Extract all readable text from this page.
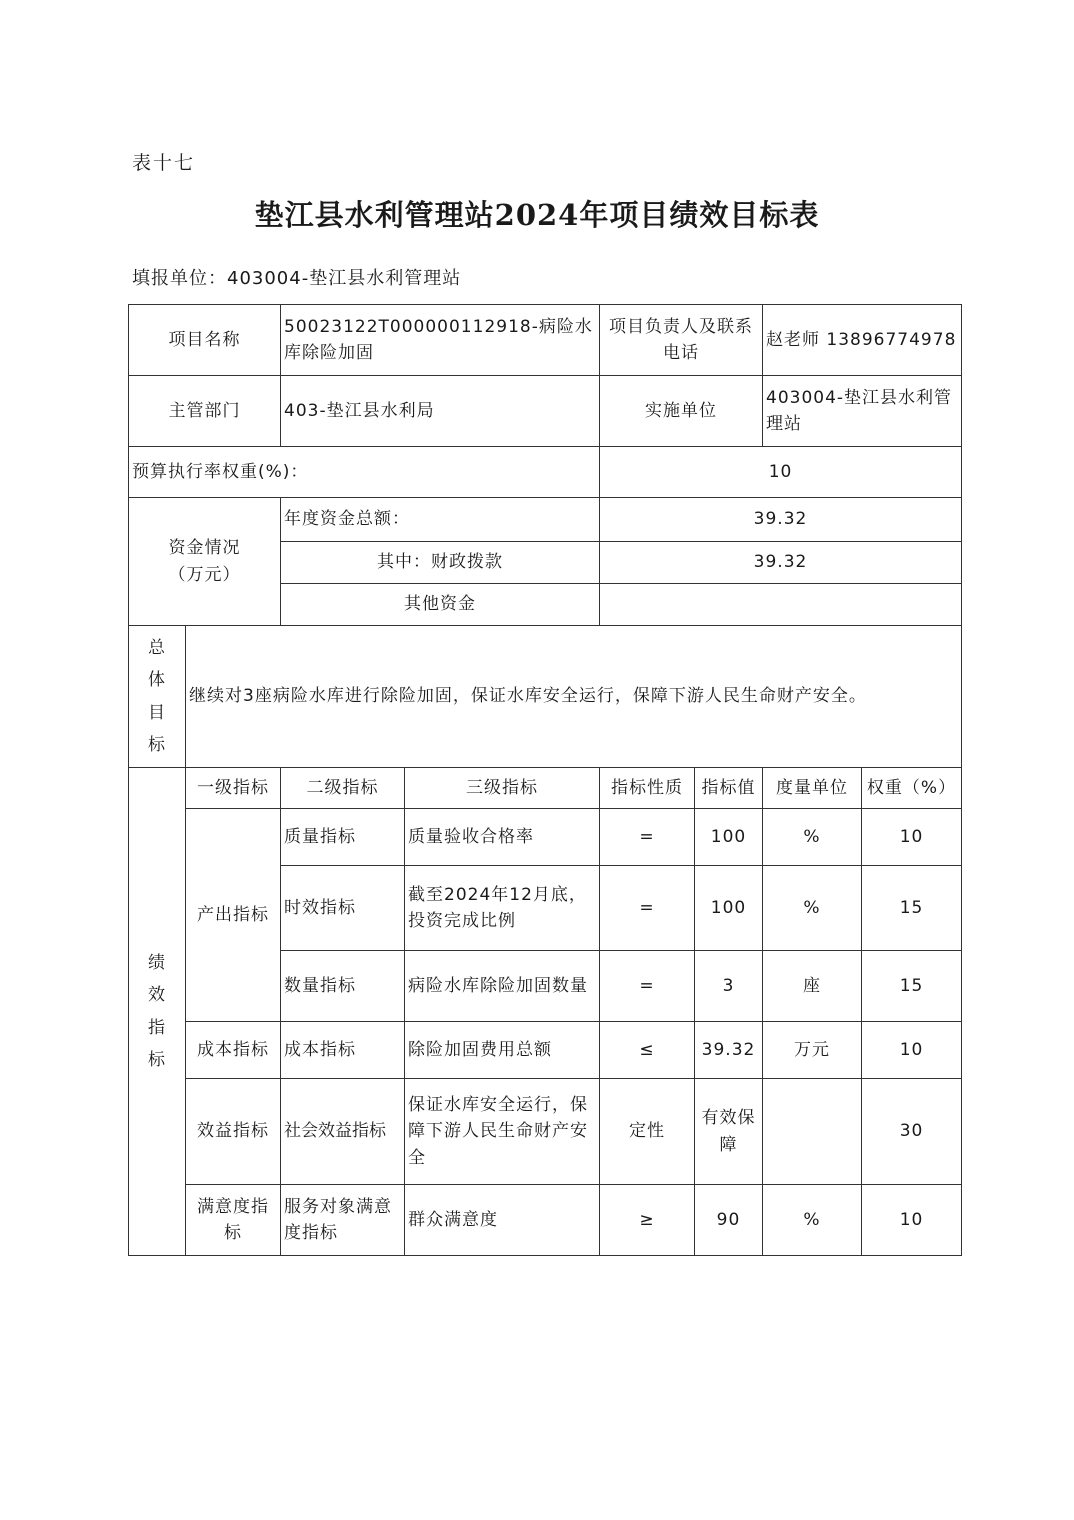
表十七
垫江县水利管理站2024年项目绩效目标表
填报单位：403004-垫江县水利管理站
项目名称		50023122T000000112918-病险水库除险加固		项目负责人及联系电话		赵老师 13896774978	
主管部门		403-垫江县水利局		实施单位		403004-垫江县水利管理站	
预算执行率权重(%)：				10			

资金情况
（万元）		年度资金总额：		39.32			
		其中：财政拨款		39.32			
		其他资金					

总
体
目
标	继续对3座病险水库进行除险加固，保证水库安全运行，保障下游人民生命财产安全。						

绩
效
指
标	一级指标	二级指标	三级指标	指标性质	指标值	度量单位	权重（%）
	产出指标	质量指标	质量验收合格率	=	100	%	10
		时效指标	截至2024年12月底，投资完成比例	=	100	%	15
		数量指标	病险水库除险加固数量	=	3	座	15
	成本指标	成本指标	除险加固费用总额	≤	39.32	万元	10
	效益指标	社会效益指标	保证水库安全运行，保障下游人民生命财产安全	定性	有效保障		30
	满意度指标	服务对象满意度指标	群众满意度	≥	90	%	10
